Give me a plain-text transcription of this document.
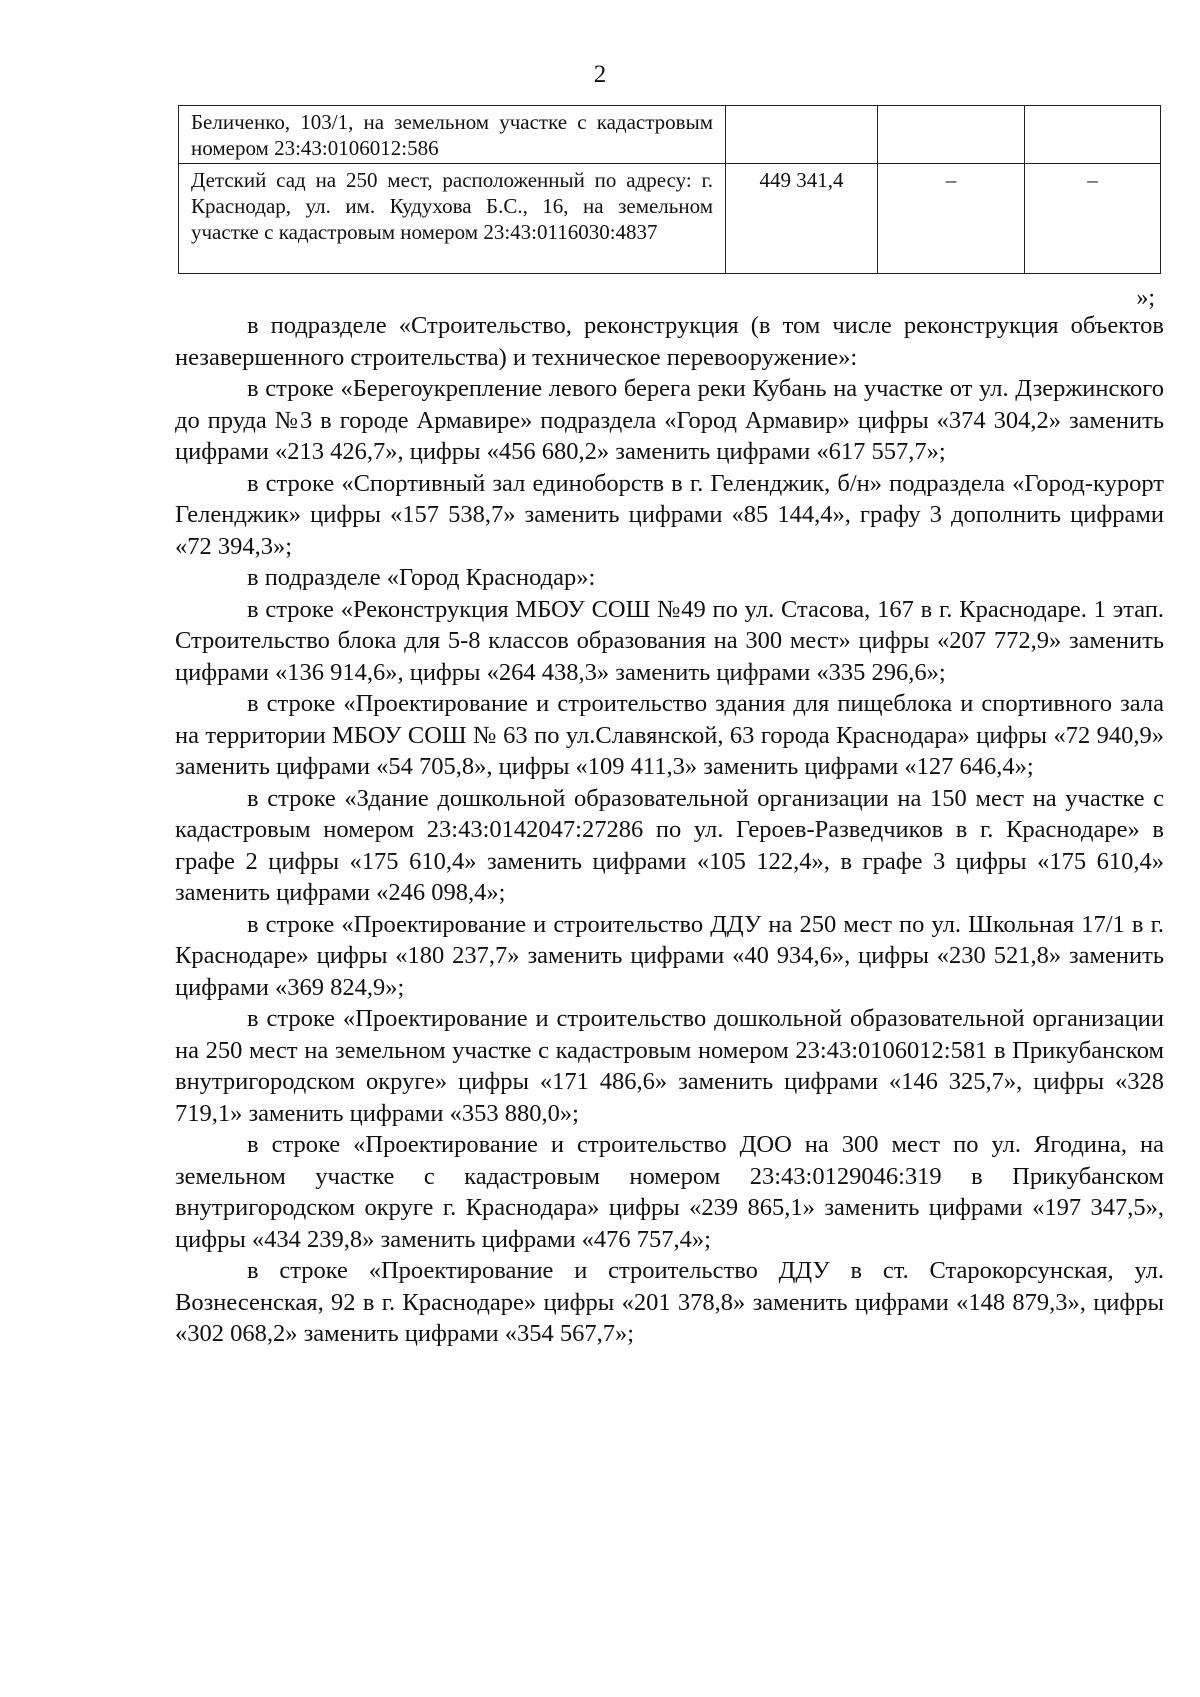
2
Беличенко, 103/1, на земельном участке с кадастровым номером 23:43:0106012:586			
Детский сад на 250 мест, расположенный по адресу: г. Краснодар, ул. им. Кудухова Б.С., 16, на земельном участке с кадастровым номером 23:43:0116030:4837	449 341,4	–	–
»;

в подразделе «Строительство, реконструкция (в том числе реконструкция объектов незавершенного строительства) и техническое перевооружение»:

в строке «Берегоукрепление левого берега реки Кубань на участке от ул. Дзержинского до пруда №3 в городе Армавире» подраздела «Город Армавир» цифры «374 304,2» заменить цифрами «213 426,7», цифры «456 680,2» заменить цифрами «617 557,7»;

в строке «Спортивный зал единоборств в г. Геленджик, б/н» подраздела «Город-курорт Геленджик» цифры «157 538,7» заменить цифрами «85 144,4», графу 3 дополнить цифрами «72 394,3»;

в подразделе «Город Краснодар»:

в строке «Реконструкция МБОУ СОШ №49 по ул. Стасова, 167 в г. Краснодаре. 1 этап. Строительство блока для 5-8 классов образования на 300 мест» цифры «207 772,9» заменить цифрами «136 914,6», цифры «264 438,3» заменить цифрами «335 296,6»;

в строке «Проектирование и строительство здания для пищеблока и спортивного зала на территории МБОУ СОШ № 63 по ул.Славянской, 63 города Краснодара» цифры «72 940,9» заменить цифрами «54 705,8», цифры «109 411,3» заменить цифрами «127 646,4»;

в строке «Здание дошкольной образовательной организации на 150 мест на участке с кадастровым номером 23:43:0142047:27286 по ул. Героев-Разведчиков в г. Краснодаре» в графе 2 цифры «175 610,4» заменить цифрами «105 122,4», в графе 3 цифры «175 610,4» заменить цифрами «246 098,4»;

в строке «Проектирование и строительство ДДУ на 250 мест по ул. Школьная 17/1 в г. Краснодаре» цифры «180 237,7» заменить цифрами «40 934,6», цифры «230 521,8» заменить цифрами «369 824,9»;

в строке «Проектирование и строительство дошкольной образовательной организации на 250 мест на земельном участке с кадастровым номером 23:43:0106012:581 в Прикубанском внутригородском округе» цифры «171 486,6» заменить цифрами «146 325,7», цифры «328 719,1» заменить цифрами «353 880,0»;

в строке «Проектирование и строительство ДОО на 300 мест по ул. Ягодина, на земельном участке с кадастровым номером 23:43:0129046:319 в Прикубанском внутригородском округе г. Краснодара» цифры «239 865,1» заменить цифрами «197 347,5», цифры «434 239,8» заменить цифрами «476 757,4»;

в строке «Проектирование и строительство ДДУ в ст. Старокорсунская, ул. Вознесенская, 92 в г. Краснодаре» цифры «201 378,8» заменить цифрами «148 879,3», цифры «302 068,2» заменить цифрами «354 567,7»;
